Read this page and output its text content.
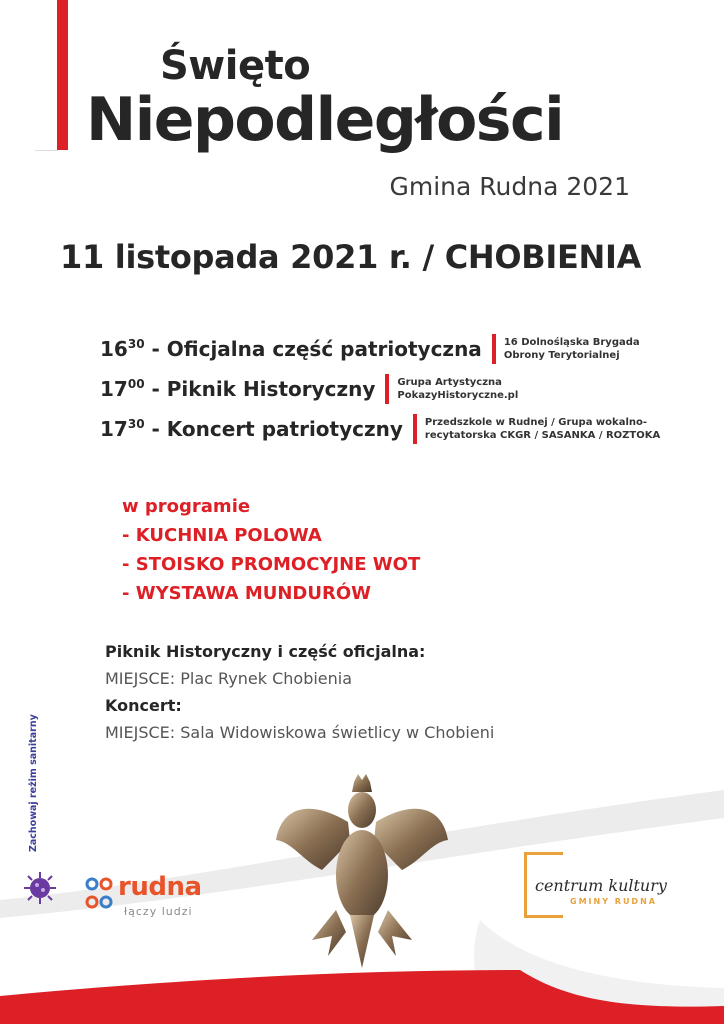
Święto
Niepodległości
Gmina Rudna 2021
11 listopada 2021 r. / CHOBIENIA
$16^{30}$ - Oficjalna część patriotyczna 16 Dolnośląska Brygada
Obrony Terytorialnej
$17^{00}$ - Piknik Historyczny Grupa Artystyczna
PokazyHistoryczne.pl
$17^{30}$ - Koncert patriotyczny Przedszkole w Rudnej / Grupa wokalno-
recytatorska CKGR / SASANKA / ROZTOKA
w programie
- KUCHNIA POLOWA
- STOISKO PROMOCYJNE WOT
- WYSTAWA MUNDURÓW
Piknik Historyczny i część oficjalna:
MIEJSCE: Plac Rynek Chobienia
Koncert:
MIEJSCE: Sala Widowiskowa świetlicy w Chobieni
Zachowaj reżim sanitarny
rudna
łączy ludzi
centrum kultury
GMINY RUDNA
